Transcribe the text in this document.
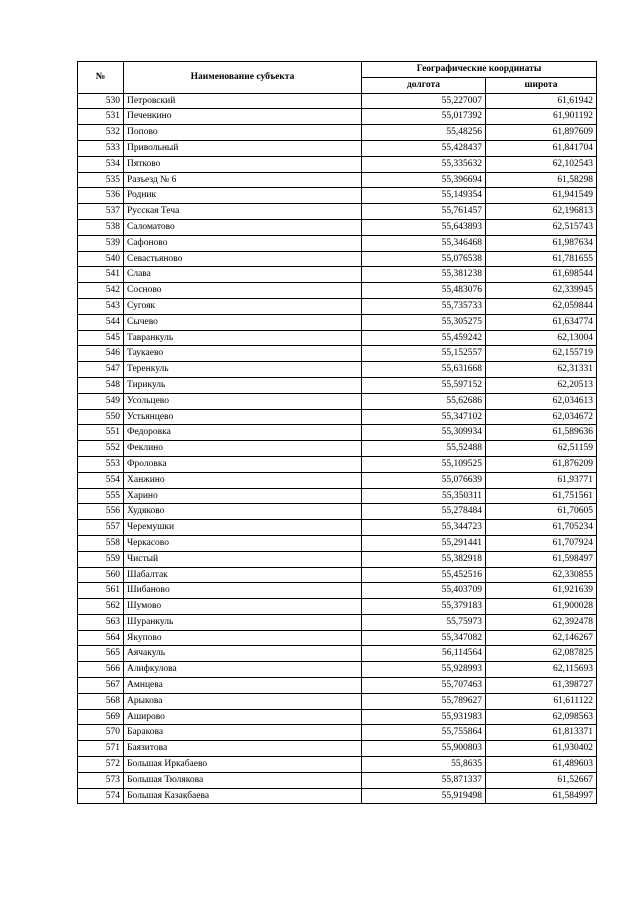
№	Наименование субъекта	Географические координаты	
		долгота	широта
530	Петровский	55,227007	61,61942
531	Печенкино	55,017392	61,901192
532	Попово	55,48256	61,897609
533	Привольный	55,428437	61,841704
534	Пятково	55,335632	62,102543
535	Разъезд № 6	55,396694	61,58298
536	Родник	55,149354	61,941549
537	Русская Теча	55,761457	62,196813
538	Саломатово	55,643893	62,515743
539	Сафоново	55,346468	61,987634
540	Севастьяново	55,076538	61,781655
541	Слава	55,381238	61,698544
542	Сосново	55,483076	62,339945
543	Сугояк	55,735733	62,059844
544	Сычево	55,305275	61,634774
545	Тавранкуль	55,459242	62,13004
546	Таукаево	55,152557	62,155719
547	Теренкуль	55,631668	62,31331
548	Тирикуль	55,597152	62,20513
549	Усольцево	55,62686	62,034613
550	Устьянцево	55,347102	62,034672
551	Федоровка	55,309934	61,589636
552	Феклино	55,52488	62,51159
553	Фроловка	55,109525	61,876209
554	Ханжино	55,076639	61,93771
555	Харино	55,350311	61,751561
556	Худяково	55,278484	61,70605
557	Черемушки	55,344723	61,705234
558	Черкасово	55,291441	61,707924
559	Чистый	55,382918	61,598497
560	Шабалтак	55,452516	62,330855
561	Шибаново	55,403709	61,921639
562	Шумово	55,379183	61,900028
563	Шуранкуль	55,75973	62,392478
564	Якупово	55,347082	62,146267
565	Аячакуль	56,114564	62,087825
566	Алифкулова	55,928993	62,115693
567	Амнцева	55,707463	61,398727
568	Арыкова	55,789627	61,611122
569	Аширово	55,931983	62,098563
570	Баракова	55,755864	61,813371
571	Баязитова	55,900803	61,930402
572	Большая Иркабаево	55,8635	61,489603
573	Большая Тюлякова	55,871337	61,52667
574	Большая Казакбаева	55,919498	61,584997
